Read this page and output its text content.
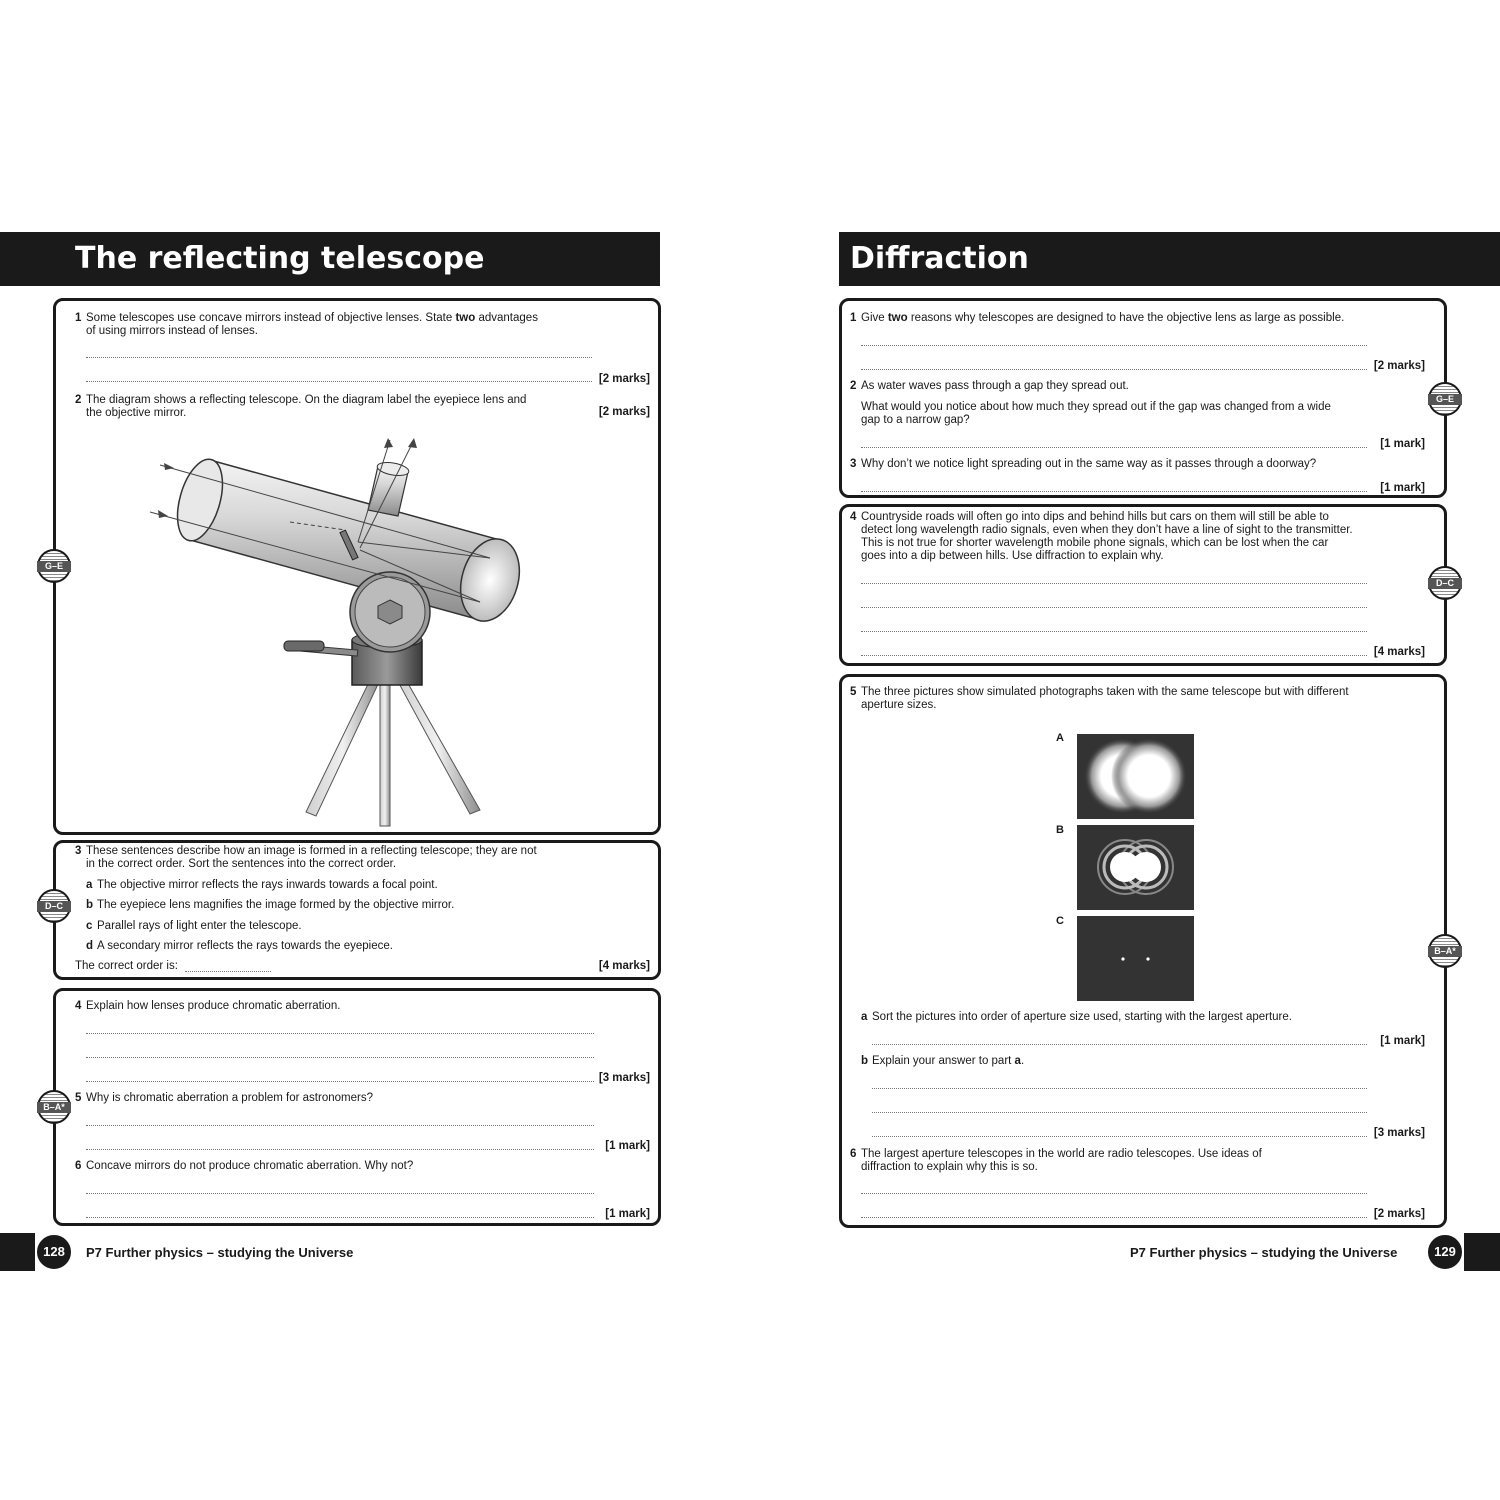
The reflecting telescope
1 Some telescopes use concave mirrors instead of objective lenses. State two advantages
of using mirrors instead of lenses.
[2 marks]
2 The diagram shows a reflecting telescope. On the diagram label the eyepiece lens and
the objective mirror.	[2 marks]
3 These sentences describe how an image is formed in a reflecting telescope; they are not
in the correct order. Sort the sentences into the correct order.
a The objective mirror reflects the rays inwards towards a focal point.
b The eyepiece lens magnifies the image formed by the objective mirror.
c Parallel rays of light enter the telescope.
d A secondary mirror reflects the rays towards the eyepiece.
The correct order is:	[4 marks]
4 Explain how lenses produce chromatic aberration.
[3 marks]
5 Why is chromatic aberration a problem for astronomers?
[1 mark]
6 Concave mirrors do not produce chromatic aberration. Why not?
[1 mark]
G–E
D–C
B–A*
128	P7 Further physics – studying the Universe
Diffraction
1 Give two reasons why telescopes are designed to have the objective lens as large as possible.
[2 marks]
2 As water waves pass through a gap they spread out.
What would you notice about how much they spread out if the gap was changed from a wide
gap to a narrow gap?
[1 mark]
3 Why don’t we notice light spreading out in the same way as it passes through a doorway?
[1 mark]
4 Countryside roads will often go into dips and behind hills but cars on them will still be able to
detect long wavelength radio signals, even when they don’t have a line of sight to the transmitter.
This is not true for shorter wavelength mobile phone signals, which can be lost when the car
goes into a dip between hills. Use diffraction to explain why.
[4 marks]
5 The three pictures show simulated photographs taken with the same telescope but with different
aperture sizes.
A
B
C
a Sort the pictures into order of aperture size used, starting with the largest aperture.
[1 mark]
b Explain your answer to part a.
[3 marks]
6 The largest aperture telescopes in the world are radio telescopes. Use ideas of
diffraction to explain why this is so.
[2 marks]
G–E
D–C
B–A*
129
P7 Further physics – studying the Universe
